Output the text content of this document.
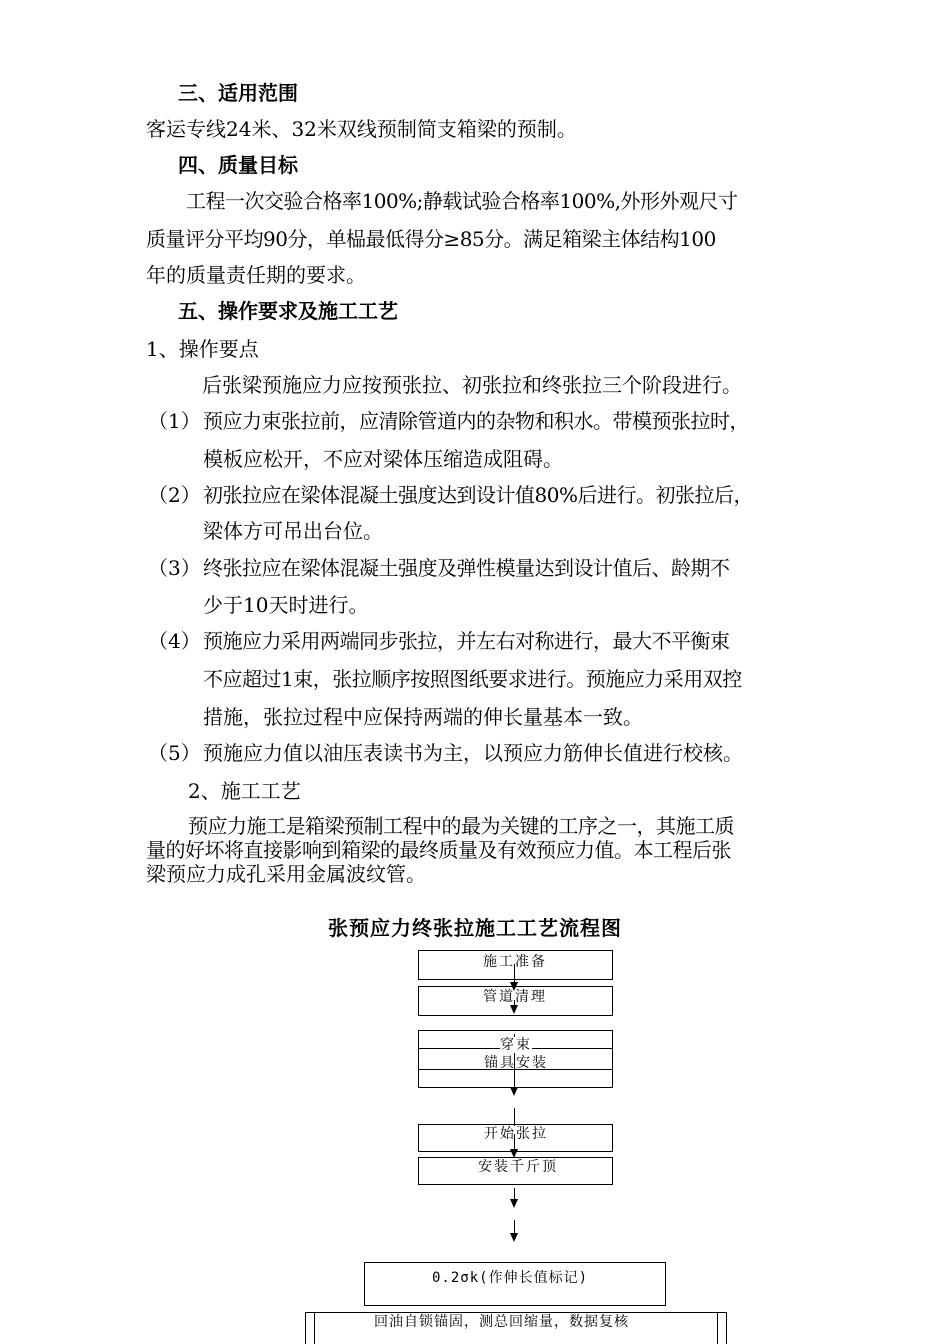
三、适用范围
客运专线24米、32米双线预制简支箱梁的预制。
四、质量目标
工程一次交验合格率100%;静载试验合格率100%,外形外观尺寸
质量评分平均90分，单榀最低得分≥85分。满足箱梁主体结构100
年的质量责任期的要求。
五、操作要求及施工工艺
1、操作要点
后张梁预施应力应按预张拉、初张拉和终张拉三个阶段进行。
（1） 预应力束张拉前，应清除管道内的杂物和积水。带模预张拉时，
模板应松开，不应对梁体压缩造成阻碍。
（2） 初张拉应在梁体混凝土强度达到设计值80%后进行。初张拉后，
梁体方可吊出台位。
（3） 终张拉应在梁体混凝土强度及弹性模量达到设计值后、龄期不
少于10天时进行。
（4） 预施应力采用两端同步张拉，并左右对称进行，最大不平衡束
不应超过1束，张拉顺序按照图纸要求进行。预施应力采用双控
措施，张拉过程中应保持两端的伸长量基本一致。
（5） 预施应力值以油压表读书为主，以预应力筋伸长值进行校核。
2、施工工艺
预应力施工是箱梁预制工程中的最为关键的工序之一，其施工质
量的好坏将直接影响到箱梁的最终质量及有效预应力值。本工程后张
梁预应力成孔采用金属波纹管。
张预应力终张拉施工工艺流程图
施工准备
管道清理
穿束
锚具安装
开始张拉
安装千斤顶
0.2σk(作伸长值标记)
回油自锁锚固，测总回缩量，数据复核
